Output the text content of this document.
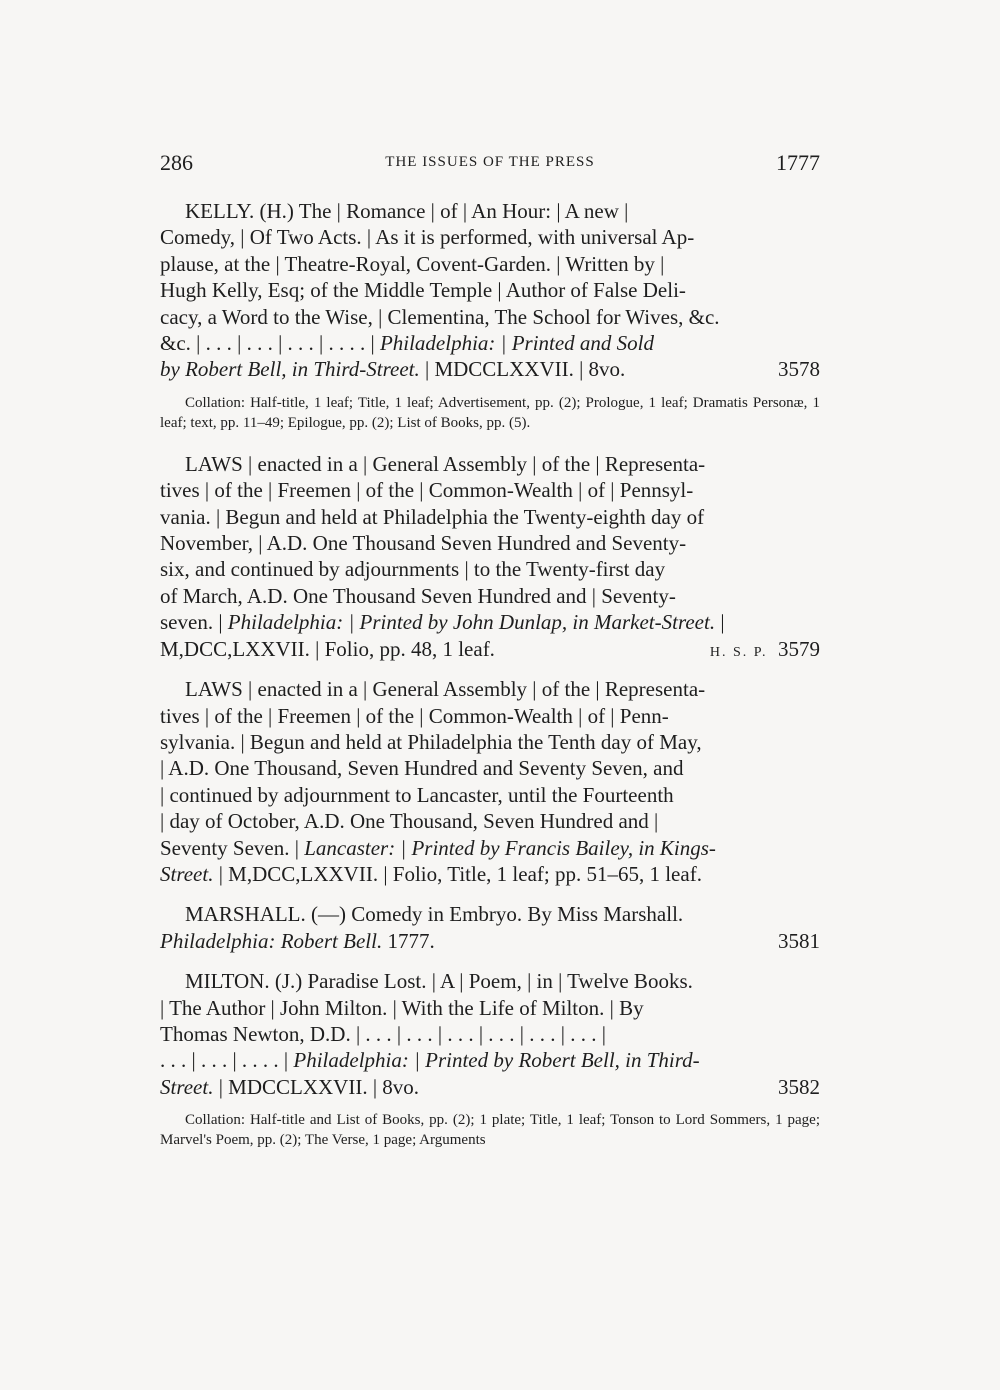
286	THE ISSUES OF THE PRESS	1777
KELLY. (H.) The | Romance | of | An Hour: | A new |
Comedy, | Of Two Acts. | As it is performed, with universal Ap-
plause, at the | Theatre-Royal, Covent-Garden. | Written by |
Hugh Kelly, Esq; of the Middle Temple | Author of False Deli-
cacy, a Word to the Wise, | Clementina, The School for Wives, &c.
&c. | . . . | . . . | . . . | . . . . | Philadelphia: | Printed and Sold
by Robert Bell, in Third-Street. | MDCCLXXVII. | 8vo.	3578
Collation: Half-title, 1 leaf; Title, 1 leaf; Advertisement, pp. (2); Prologue, 1 leaf; Dramatis Personæ, 1 leaf; text, pp. 11–49; Epilogue, pp. (2); List of Books, pp. (5).
LAWS | enacted in a | General Assembly | of the | Representa-
tives | of the | Freemen | of the | Common-Wealth | of | Pennsyl-
vania. | Begun and held at Philadelphia the Twenty-eighth day of
November, | A.D. One Thousand Seven Hundred and Seventy-
six, and continued by adjournments | to the Twenty-first day
of March, A.D. One Thousand Seven Hundred and | Seventy-
seven. | Philadelphia: | Printed by John Dunlap, in Market-Street. |
M,DCC,LXXVII. | Folio, pp. 48, 1 leaf.	H. S. P. 3579
LAWS | enacted in a | General Assembly | of the | Representa-
tives | of the | Freemen | of the | Common-Wealth | of | Penn-
sylvania. | Begun and held at Philadelphia the Tenth day of May,
| A.D. One Thousand, Seven Hundred and Seventy Seven, and
| continued by adjournment to Lancaster, until the Fourteenth
| day of October, A.D. One Thousand, Seven Hundred and |
Seventy Seven. | Lancaster: | Printed by Francis Bailey, in Kings-
Street. | M,DCC,LXXVII. | Folio, Title, 1 leaf; pp. 51–65, 1 leaf.
MARSHALL. (—) Comedy in Embryo. By Miss Marshall.
Philadelphia: Robert Bell. 1777.	3581
MILTON. (J.) Paradise Lost. | A | Poem, | in | Twelve Books.
| The Author | John Milton. | With the Life of Milton. | By
Thomas Newton, D.D. | . . . | . . . | . . . | . . . | . . . | . . . |
. . . | . . . | . . . . | Philadelphia: | Printed by Robert Bell, in Third-
Street. | MDCCLXXVII. | 8vo.	3582
Collation: Half-title and List of Books, pp. (2); 1 plate; Title, 1 leaf; Tonson to Lord Sommers, 1 page; Marvel's Poem, pp. (2); The Verse, 1 page; Arguments
